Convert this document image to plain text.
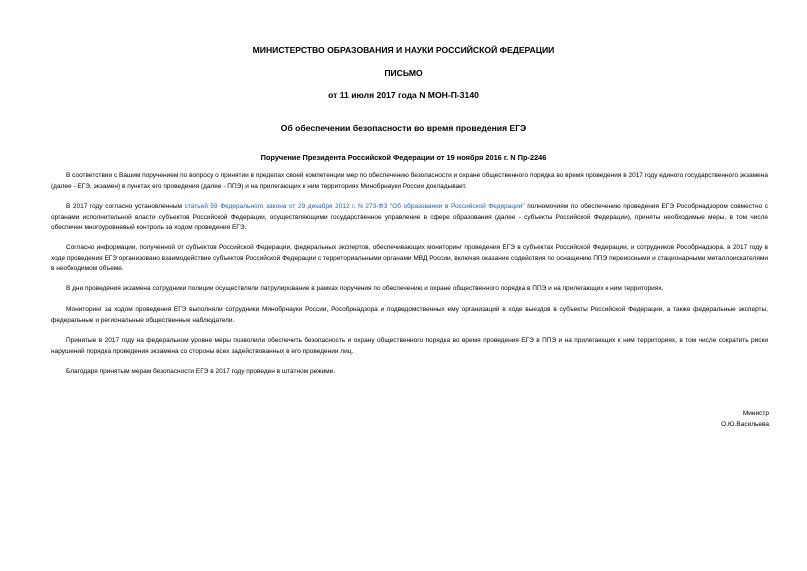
МИНИСТЕРСТВО ОБРАЗОВАНИЯ И НАУКИ РОССИЙСКОЙ ФЕДЕРАЦИИ
ПИСЬМО
от 11 июля 2017 года N МОН-П-3140
Об обеспечении безопасности во время проведения ЕГЭ
Поручение Президента Российской Федерации от 19 ноября 2016 г. N Пр-2246

В соответствии с Вашим поручением по вопросу о принятии в пределах своей компетенции мер по обеспечению безопасности и охране общественного порядка во время проведения в 2017 году единого государственного экзамена (далее - ЕГЭ, экзамен) в пунктах его проведения (далее - ППЭ) и на прилегающих к ним территориях Минобрнауки России докладывает.

В 2017 году согласно установленным статьей 59 Федерального закона от 29 декабря 2012 г. N 273-ФЗ "Об образовании в Российской Федерации" полномочиям по обеспечению проведения ЕГЭ Рособрнадзором совместно с органами исполнительной власти субъектов Российской Федерации, осуществляющими государственное управление в сфере образования (далее - субъекты Российской Федерации), приняты необходимые меры, в том числе обеспечен многоуровневый контроль за ходом проведения ЕГЭ.

Согласно информации, полученной от субъектов Российской Федерации, федеральных экспертов, обеспечивающих мониторинг проведения ЕГЭ в субъектах Российской Федерации, и сотрудников Рособрнадзора, в 2017 году в ходе проведения ЕГЭ организовано взаимодействие субъектов Российской Федерации с территориальными органами МВД России, включая оказание содействия по оснащению ППЭ переносными и стационарными металлоискателями в необходимом объеме.

В дни проведения экзамена сотрудники полиции осуществляли патрулирование в рамках поручения по обеспечению и охране общественного порядка в ППЭ и на прилегающих к ним территориях.

Мониторинг за ходом проведения ЕГЭ выполняли сотрудники Минобрнауки России, Рособрнадзора и подведомственных ему организаций в ходе выездов в субъекты Российской Федерации, а также федеральные эксперты, федеральные и региональные общественные наблюдатели.

Принятые в 2017 году на федеральном уровне меры позволили обеспечить безопасность и охрану общественного порядка во время проведения ЕГЭ в ППЭ и на прилегающих к ним территориях, в том числе сократить риски нарушений порядка проведения экзамена со стороны всех задействованных в его проведении лиц.

Благодаря принятым мерам безопасности ЕГЭ в 2017 году проведен в штатном режиме.

Министр
О.Ю.Васильева
